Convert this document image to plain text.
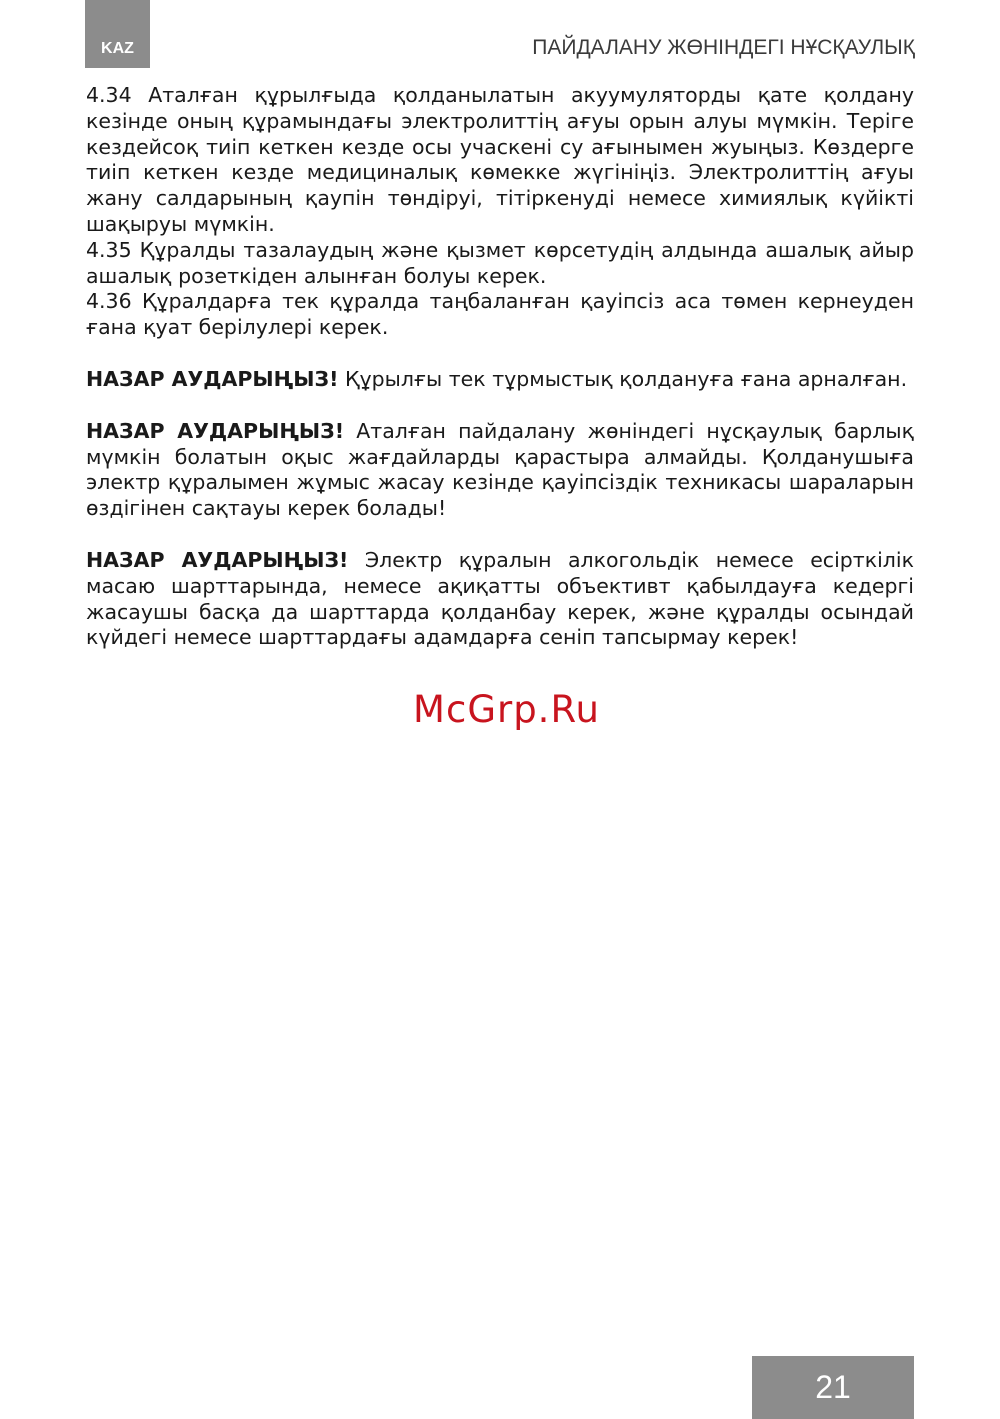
KAZ	ПАЙДАЛАНУ ЖӨНІНДЕГІ НҰСҚАУЛЫҚ

4.34 Аталған құрылғыда қолданылатын акуумуляторды қате қолдану кезінде оның құрамындағы электролиттің ағуы орын алуы мүмкін. Теріге кездейсоқ тиіп кеткен кезде осы учаскені су ағынымен жуыңыз. Көздерге тиіп кеткен кезде медициналық көмекке жүгініңіз. Электролиттің ағуы жану салдарының қаупін төндіруі, тітіркенуді немесе химиялық күйікті шақыруы мүмкін.

4.35 Құралды тазалаудың және қызмет көрсетудің алдында ашалық айыр ашалық розеткіден алынған болуы керек.

4.36 Құралдарға тек құралда таңбаланған қауіпсіз аса төмен кернеуден ғана қуат берілулері керек.

НАЗАР АУДАРЫҢЫЗ! Құрылғы тек тұрмыстық қолдануға ғана арналған.

НАЗАР АУДАРЫҢЫЗ! Аталған пайдалану жөніндегі нұсқаулық барлық мүмкін болатын оқыс жағдайларды қарастыра алмайды. Қолданушыға электр құралымен жұмыс жасау кезінде қауіпсіздік техникасы шараларын өздігінен сақтауы керек болады!

НАЗАР АУДАРЫҢЫЗ! Электр құралын алкогольдік немесе есірткілік масаю шарттарында, немесе ақиқатты объективт қабылдауға кедергі жасаушы басқа да шарттарда қолданбау керек, және құралды осындай күйдегі немесе шарттардағы адамдарға сеніп тапсырмау керек!

McGrp.Ru
21
